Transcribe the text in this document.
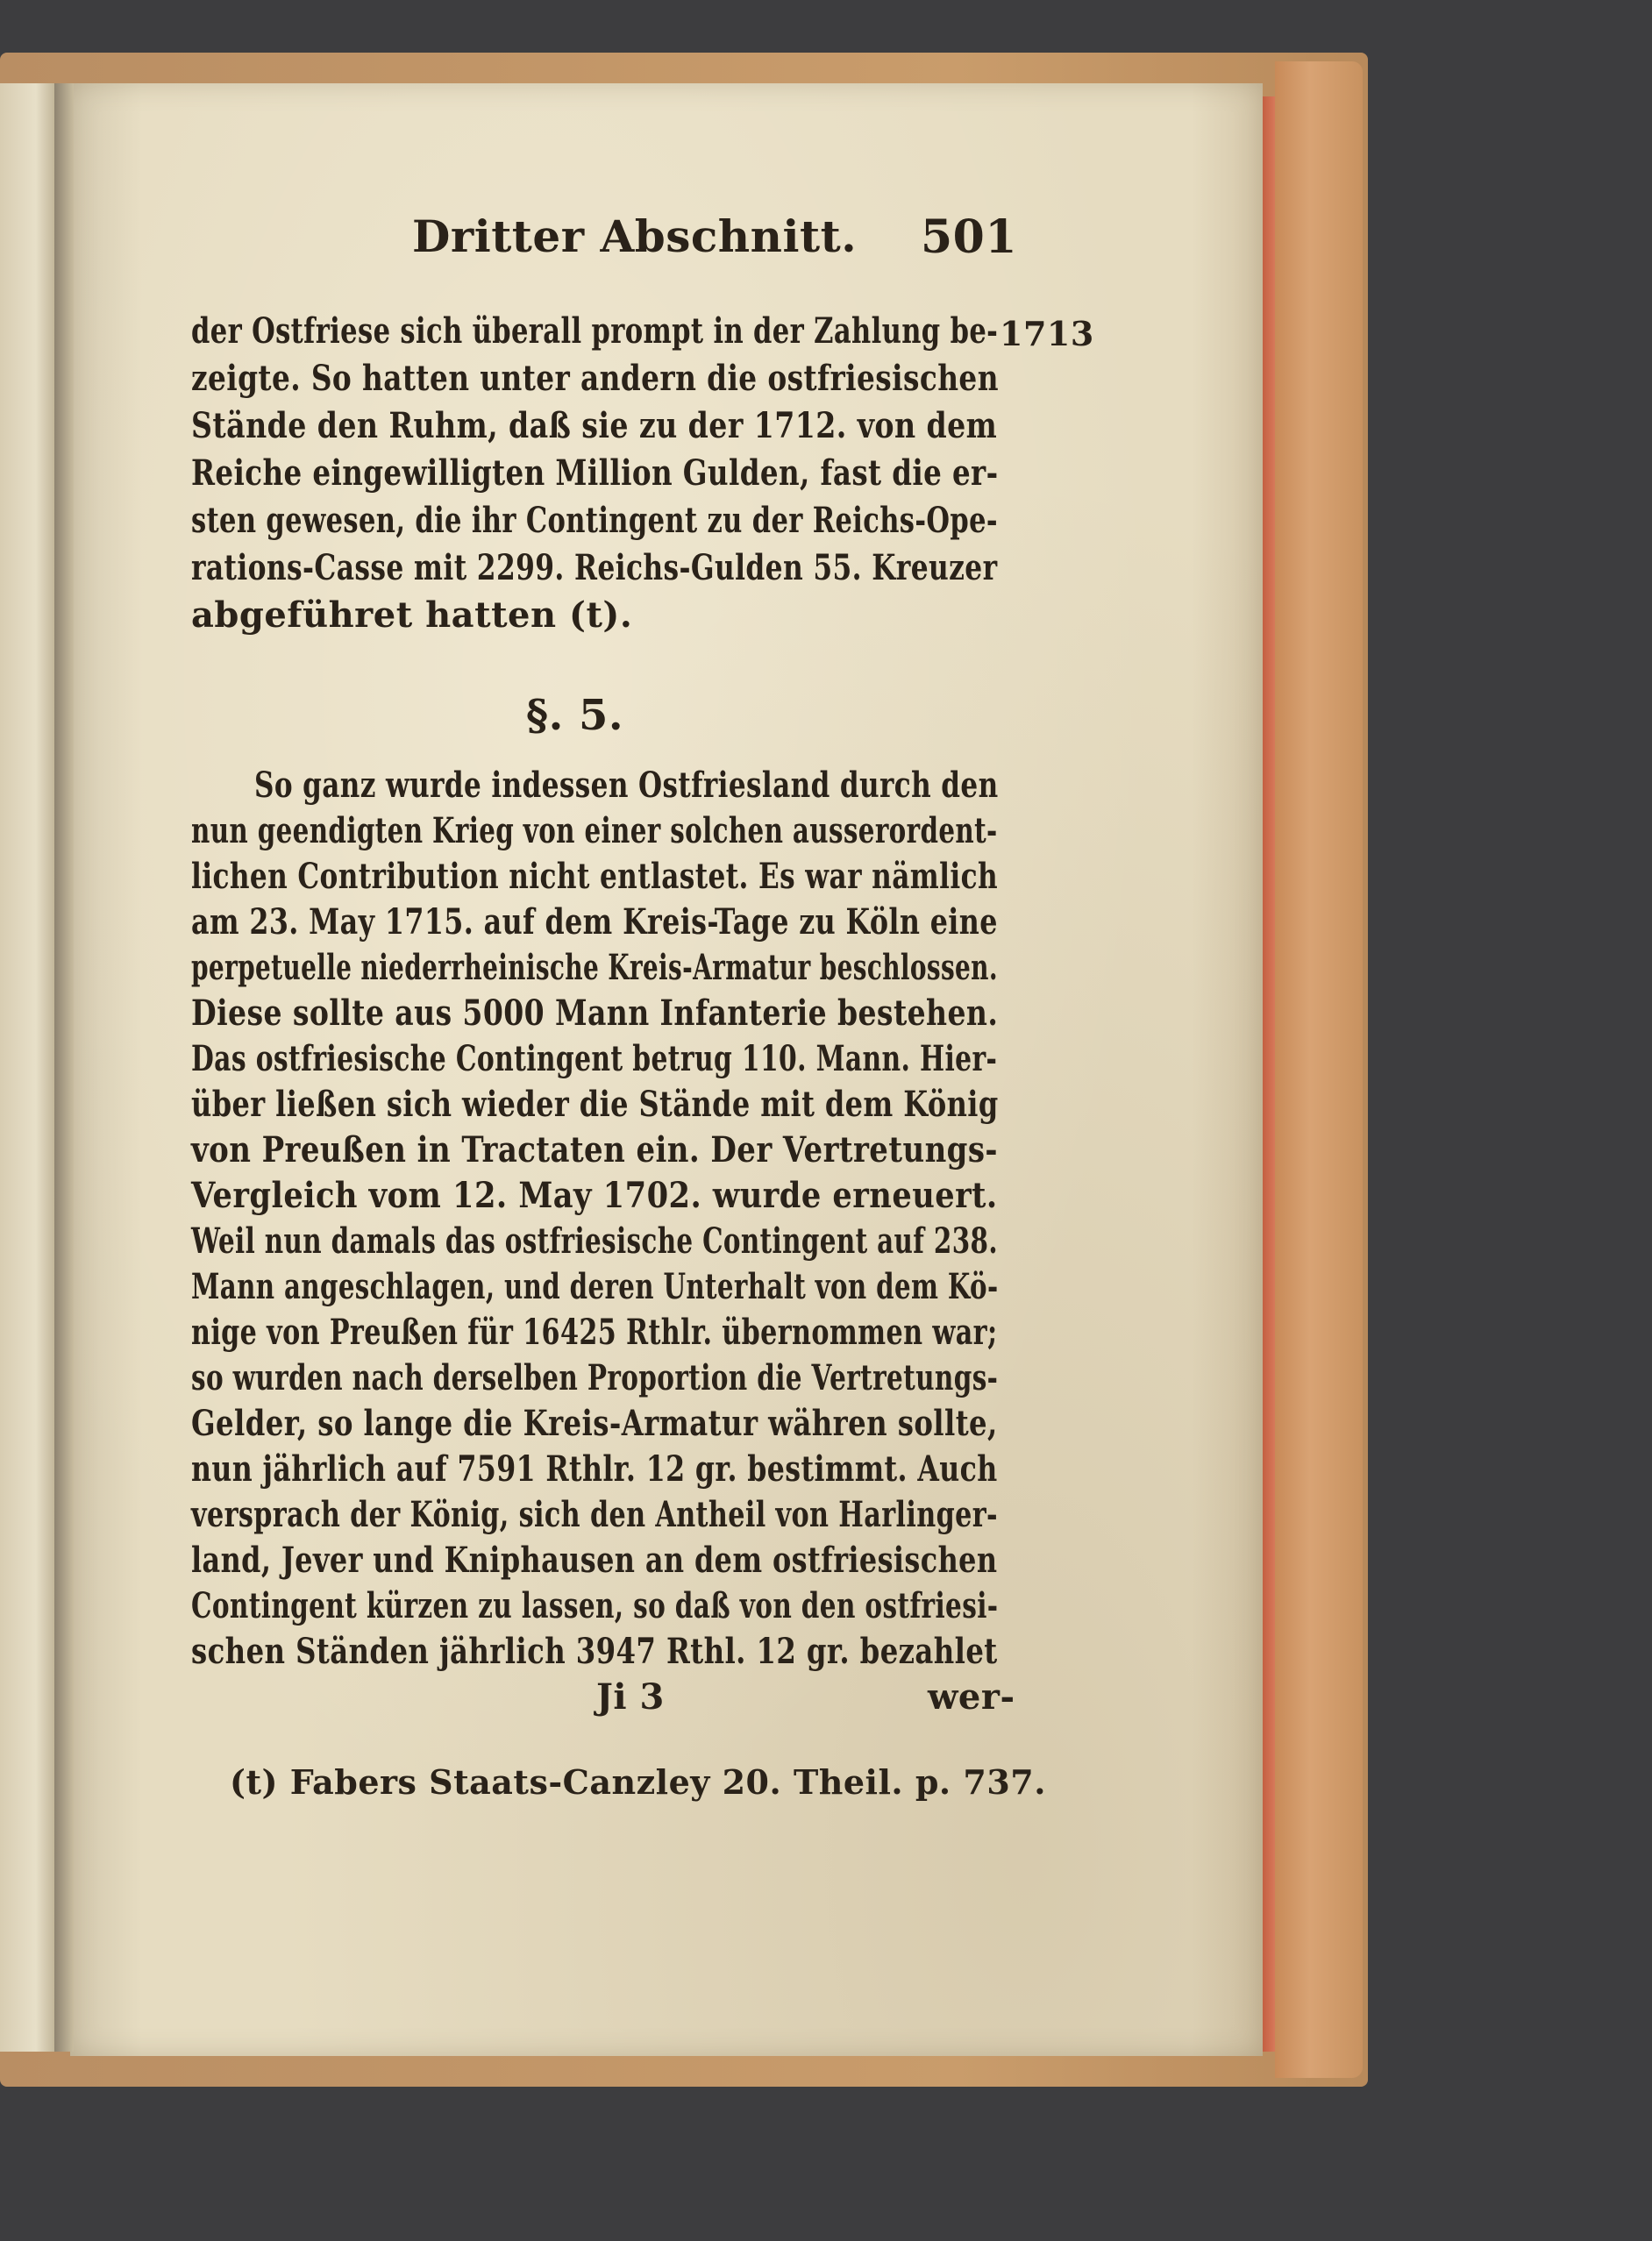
Dritter Abschnitt. 501
1713
der Ostfriese sich überall prompt in der Zahlung be-
zeigte. So hatten unter andern die ostfriesischen
Stände den Ruhm, daß sie zu der 1712. von dem
Reiche eingewilligten Million Gulden, fast die er-
sten gewesen, die ihr Contingent zu der Reichs-Ope-
rations-Casse mit 2299. Reichs-Gulden 55. Kreuzer
abgeführet hatten (t).
§. 5.
So ganz wurde indessen Ostfriesland durch den
nun geendigten Krieg von einer solchen ausserordent-
lichen Contribution nicht entlastet. Es war nämlich
am 23. May 1715. auf dem Kreis-Tage zu Köln eine
perpetuelle niederrheinische Kreis-Armatur beschlossen.
Diese sollte aus 5000 Mann Infanterie bestehen.
Das ostfriesische Contingent betrug 110. Mann. Hier-
über ließen sich wieder die Stände mit dem König
von Preußen in Tractaten ein. Der Vertretungs-
Vergleich vom 12. May 1702. wurde erneuert.
Weil nun damals das ostfriesische Contingent auf 238.
Mann angeschlagen, und deren Unterhalt von dem Kö-
nige von Preußen für 16425 Rthlr. übernommen war;
so wurden nach derselben Proportion die Vertretungs-
Gelder, so lange die Kreis-Armatur währen sollte,
nun jährlich auf 7591 Rthlr. 12 gr. bestimmt. Auch
versprach der König, sich den Antheil von Harlinger-
land, Jever und Kniphausen an dem ostfriesischen
Contingent kürzen zu lassen, so daß von den ostfriesi-
schen Ständen jährlich 3947 Rthl. 12 gr. bezahlet
Ji 3	wer-
(t) Fabers Staats-Canzley 20. Theil. p. 737.
